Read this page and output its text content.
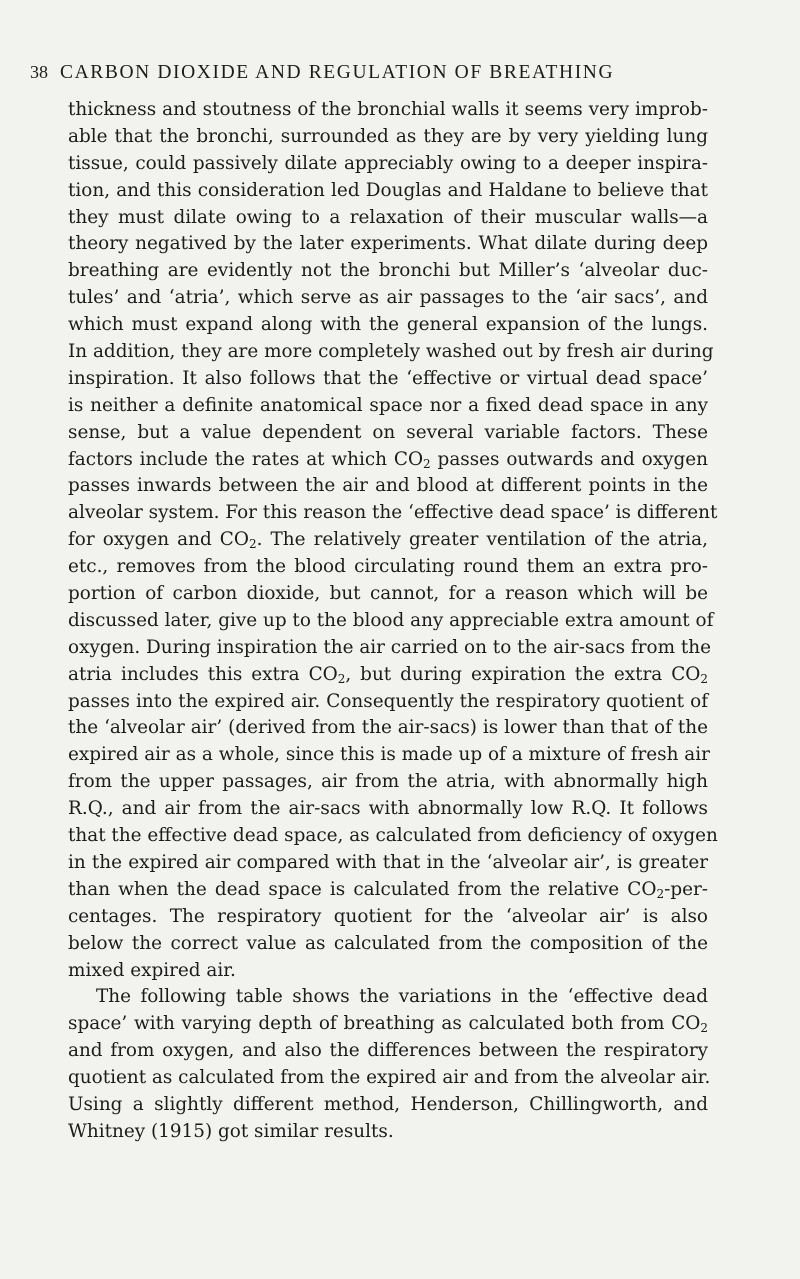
38 CARBON DIOXIDE AND REGULATION OF BREATHING
thickness and stoutness of the bronchial walls it seems very improb-
able that the bronchi, surrounded as they are by very yielding lung
tissue, could passively dilate appreciably owing to a deeper inspira-
tion, and this consideration led Douglas and Haldane to believe that
they must dilate owing to a relaxation of their muscular walls—a
theory negatived by the later experiments. What dilate during deep
breathing are evidently not the bronchi but Miller’s ‘alveolar duc-
tules’ and ‘atria’, which serve as air passages to the ‘air sacs’, and
which must expand along with the general expansion of the lungs.
In addition, they are more completely washed out by fresh air during
inspiration. It also follows that the ‘effective or virtual dead space’
is neither a definite anatomical space nor a fixed dead space in any
sense, but a value dependent on several variable factors. These
factors include the rates at which $CO_2$ passes outwards and oxygen
passes inwards between the air and blood at different points in the
alveolar system. For this reason the ‘effective dead space’ is different
for oxygen and $CO_2$. The relatively greater ventilation of the atria,
etc., removes from the blood circulating round them an extra pro-
portion of carbon dioxide, but cannot, for a reason which will be
discussed later, give up to the blood any appreciable extra amount of
oxygen. During inspiration the air carried on to the air-sacs from the
atria includes this extra $CO_2$, but during expiration the extra $CO_2$
passes into the expired air. Consequently the respiratory quotient of
the ‘alveolar air’ (derived from the air-sacs) is lower than that of the
expired air as a whole, since this is made up of a mixture of fresh air
from the upper passages, air from the atria, with abnormally high
R.Q., and air from the air-sacs with abnormally low R.Q. It follows
that the effective dead space, as calculated from deficiency of oxygen
in the expired air compared with that in the ‘alveolar air’, is greater
than when the dead space is calculated from the relative $CO_2-per-$
centages. The respiratory quotient for the ‘alveolar air’ is also
below the correct value as calculated from the composition of the
mixed expired air.
The following table shows the variations in the ‘effective dead
space’ with varying depth of breathing as calculated both from $CO_2$
and from oxygen, and also the differences between the respiratory
quotient as calculated from the expired air and from the alveolar air.
Using a slightly different method, Henderson, Chillingworth, and
Whitney (1915) got similar results.
